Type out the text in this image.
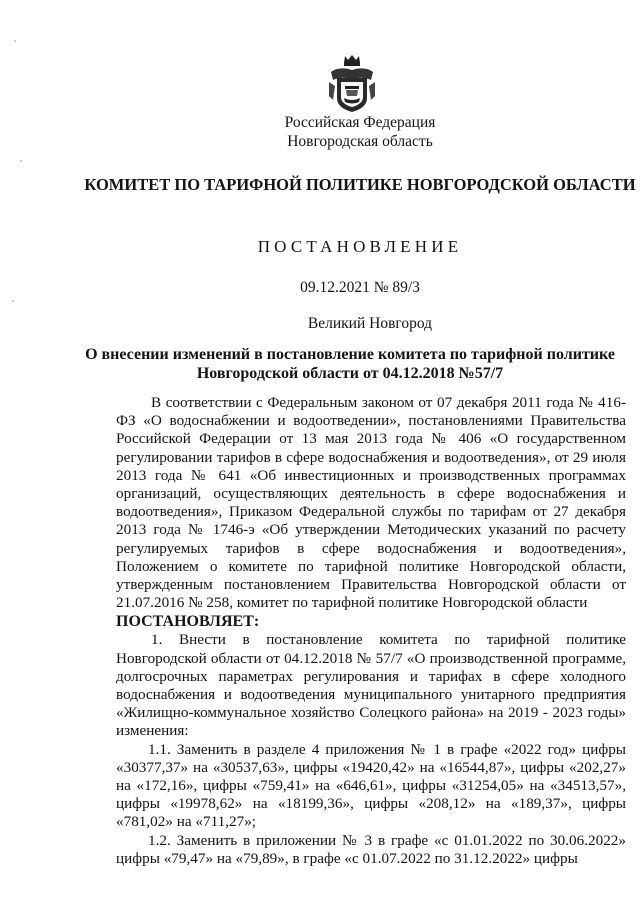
Российская Федерация
Новгородская область
КОМИТЕТ ПО ТАРИФНОЙ ПОЛИТИКЕ НОВГОРОДСКОЙ ОБЛАСТИ
ПОСТАНОВЛЕНИЕ
09.12.2021 № 89/3
Великий Новгород
О внесении изменений в постановление комитета по тарифной политике Новгородской области от 04.12.2018 №57/7

В соответствии с Федеральным законом от 07 декабря 2011 года № 416-ФЗ «О водоснабжении и водоотведении», постановлениями Правительства Российской Федерации от 13 мая 2013 года № 406 «О государственном регулировании тарифов в сфере водоснабжения и водоотведения», от 29 июля 2013 года № 641 «Об инвестиционных и производственных программах организаций, осуществляющих деятельность в сфере водоснабжения и водоотведения», Приказом Федеральной службы по тарифам от 27 декабря 2013 года № 1746-э «Об утверждении Методических указаний по расчету регулируемых тарифов в сфере водоснабжения и водоотведения», Положением о комитете по тарифной политике Новгородской области, утвержденным постановлением Правительства Новгородской области от 21.07.2016 № 258, комитет по тарифной политике Новгородской области

ПОСТАНОВЛЯЕТ:

1. Внести в постановление комитета по тарифной политике Новгородской области от 04.12.2018 № 57/7 «О производственной программе, долгосрочных параметрах регулирования и тарифах в сфере холодного водоснабжения и водоотведения муниципального унитарного предприятия «Жилищно-коммунальное хозяйство Солецкого района» на 2019 - 2023 годы» изменения:

1.1. Заменить в разделе 4 приложения № 1 в графе «2022 год» цифры «30377,37» на «30537,63», цифры «19420,42» на «16544,87», цифры «202,27» на «172,16», цифры «759,41» на «646,61», цифры «31254,05» на «34513,57», цифры «19978,62» на «18199,36», цифры «208,12» на «189,37», цифры «781,02» на «711,27»;

1.2. Заменить в приложении № 3 в графе «с 01.01.2022 по 30.06.2022» цифры «79,47» на «79,89», в графе «с 01.07.2022 по 31.12.2022» цифры
